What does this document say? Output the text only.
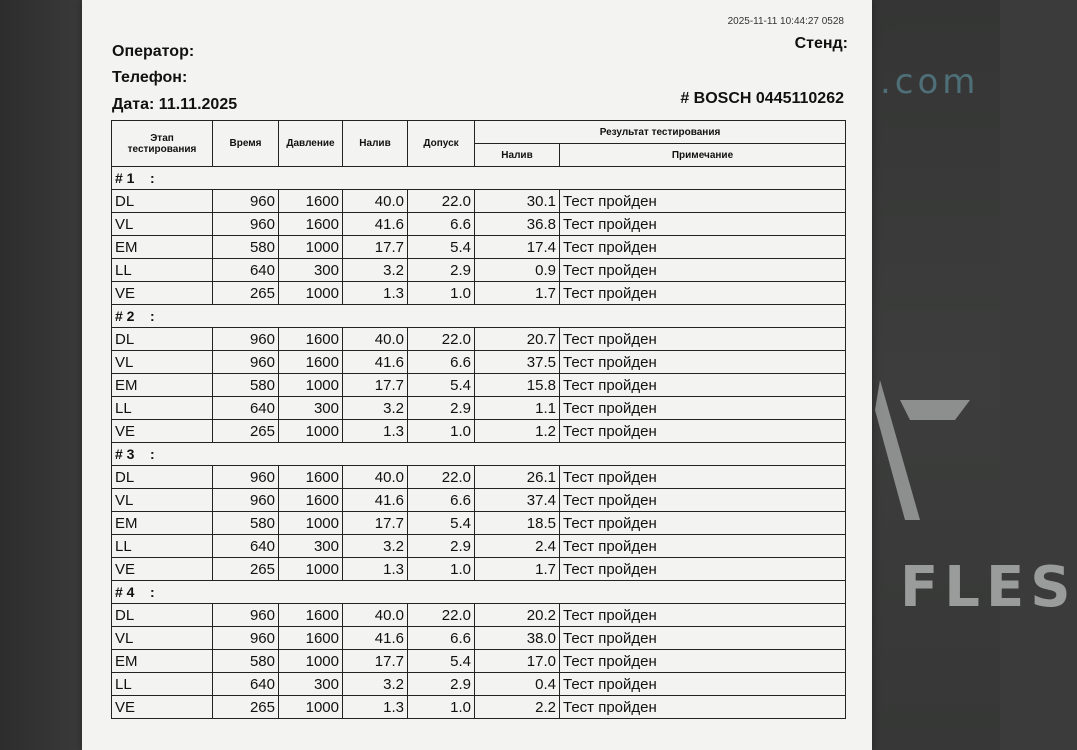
.com
FLES
2025-11-11 10:44:27 0528
Оператор:
Телефон:
Дата: 11.11.2025
Стенд:
# BOSCH 0445110262
Этап тестирования	Время	Давление	Налив	Допуск	Результат тестирования	
					Налив	Примечание
# 1    :						
DL	960	1600	40.0	22.0	30.1	Тест пройден
VL	960	1600	41.6	6.6	36.8	Тест пройден
EM	580	1000	17.7	5.4	17.4	Тест пройден
LL	640	300	3.2	2.9	0.9	Тест пройден
VE	265	1000	1.3	1.0	1.7	Тест пройден
# 2    :						
DL	960	1600	40.0	22.0	20.7	Тест пройден
VL	960	1600	41.6	6.6	37.5	Тест пройден
EM	580	1000	17.7	5.4	15.8	Тест пройден
LL	640	300	3.2	2.9	1.1	Тест пройден
VE	265	1000	1.3	1.0	1.2	Тест пройден
# 3    :						
DL	960	1600	40.0	22.0	26.1	Тест пройден
VL	960	1600	41.6	6.6	37.4	Тест пройден
EM	580	1000	17.7	5.4	18.5	Тест пройден
LL	640	300	3.2	2.9	2.4	Тест пройден
VE	265	1000	1.3	1.0	1.7	Тест пройден
# 4    :						
DL	960	1600	40.0	22.0	20.2	Тест пройден
VL	960	1600	41.6	6.6	38.0	Тест пройден
EM	580	1000	17.7	5.4	17.0	Тест пройден
LL	640	300	3.2	2.9	0.4	Тест пройден
VE	265	1000	1.3	1.0	2.2	Тест пройден
